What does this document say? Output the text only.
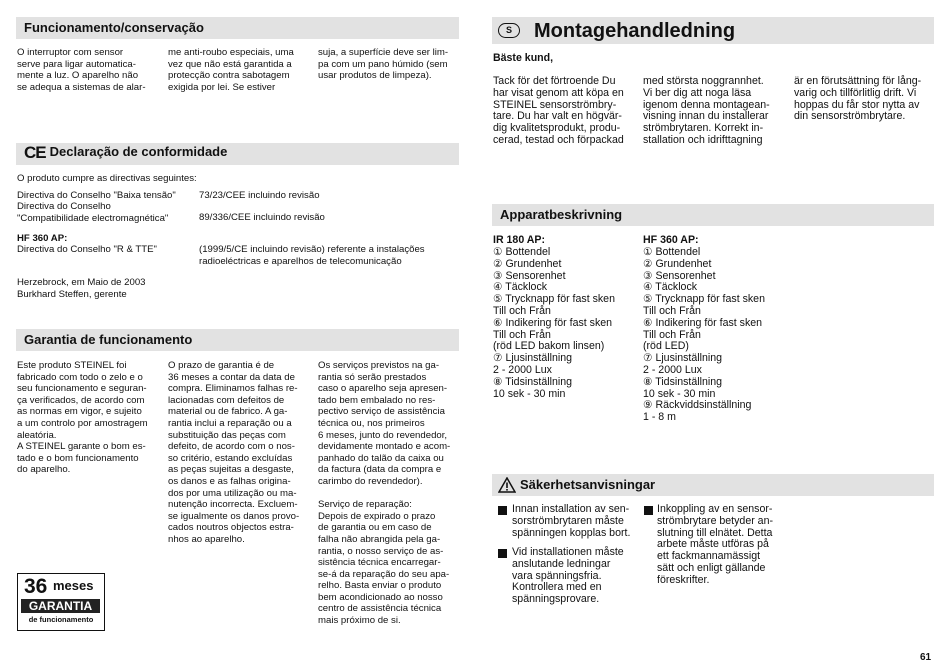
Funcionamento/conservação
O interruptor com sensor
serve para ligar automatica-
mente a luz. O aparelho não
se adequa a sistemas de alar-
me anti-roubo especiais, uma
vez que não está garantida a
protecção contra sabotagem
exigida por lei. Se estiver
suja, a superfície deve ser lim-
pa com um pano húmido (sem
usar produtos de limpeza).
CE Declaração de conformidade
O produto cumpre as directivas seguintes:
Directiva do Conselho "Baixa tensão"	73/23/CEE incluindo revisão
Directiva do Conselho
"Compatibilidade electromagnética"	89/336/CEE incluindo revisão
HF 360 AP:
Directiva do Conselho "R & TTE"	(1999/5/CE incluindo revisão) referente a instalações
radioeléctricas e aparelhos de telecomunicação
Herzebrock, em Maio de 2003
Burkhard Steffen, gerente
Garantia de funcionamento
Este produto STEINEL foi
fabricado com todo o zelo e o
seu funcionamento e seguran-
ça verificados, de acordo com
as normas em vigor, e sujeito
a um controlo por amostragem
aleatória.
A STEINEL garante o bom es-
tado e o bom funcionamento
do aparelho.
O prazo de garantia é de
36 meses a contar da data de
compra. Eliminamos falhas re-
lacionadas com defeitos de
material ou de fabrico. A ga-
rantia inclui a reparação ou a
substituição das peças com
defeito, de acordo com o nos-
so critério, estando excluídas
as peças sujeitas a desgaste,
os danos e as falhas origina-
dos por uma utilização ou ma-
nutenção incorrecta. Excluem-
se igualmente os danos provo-
cados noutros objectos estra-
nhos ao aparelho.
Os serviços previstos na ga-
rantia só serão prestados
caso o aparelho seja apresen-
tado bem embalado no res-
pectivo serviço de assistência
técnica ou, nos primeiros
6 meses, junto do revendedor,
devidamente montado e acom-
panhado do talão da caixa ou
da factura (data da compra e
carimbo do revendedor).

Serviço de reparação:
Depois de expirado o prazo
de garantia ou em caso de
falha não abrangida pela ga-
rantia, o nosso serviço de as-
sistência técnica encarregar-
se-á da reparação do seu apa-
relho. Basta enviar o produto
bem acondicionado ao nosso
centro de assistência técnica
mais próximo de si.
36 meses
GARANTIA
de funcionamento
S	Montagehandledning
Bäste kund,
Tack för det förtroende Du
har visat genom att köpa en
STEINEL sensorströmbry-
tare. Du har valt en högvär-
dig kvalitetsprodukt, produ-
cerad, testad och förpackad
med största noggrannhet.
Vi ber dig att noga läsa
igenom denna montagean-
visning innan du installerar
strömbrytaren. Korrekt in-
stallation och idrifttagning
är en förutsättning för lång-
varig och tillförlitlig drift. Vi
hoppas du får stor nytta av
din sensorströmbrytare.
Apparatbeskrivning
IR 180 AP:
① Bottendel
② Grundenhet
③ Sensorenhet
④ Täcklock
⑤ Trycknapp för fast sken
Till och Från
⑥ Indikering för fast sken
Till och Från
(röd LED bakom linsen)
⑦ Ljusinställning
2 - 2000 Lux
⑧ Tidsinställning
10 sek - 30 min
HF 360 AP:
① Bottendel
② Grundenhet
③ Sensorenhet
④ Täcklock
⑤ Trycknapp för fast sken
Till och Från
⑥ Indikering för fast sken
Till och Från
(röd LED)
⑦ Ljusinställning
2 - 2000 Lux
⑧ Tidsinställning
10 sek - 30 min
⑨ Räckviddsinställning
1 - 8 m
Säkerhetsanvisningar
Innan installation av sen-
sorströmbrytaren måste
spänningen kopplas bort.
Vid installationen måste
anslutande ledningar
vara spänningsfria.
Kontrollera med en
spänningsprovare.
Inkoppling av en sensor-
strömbrytare betyder an-
slutning till elnätet. Detta
arbete måste utföras på
ett fackmannamässigt
sätt och enligt gällande
föreskrifter.
61
